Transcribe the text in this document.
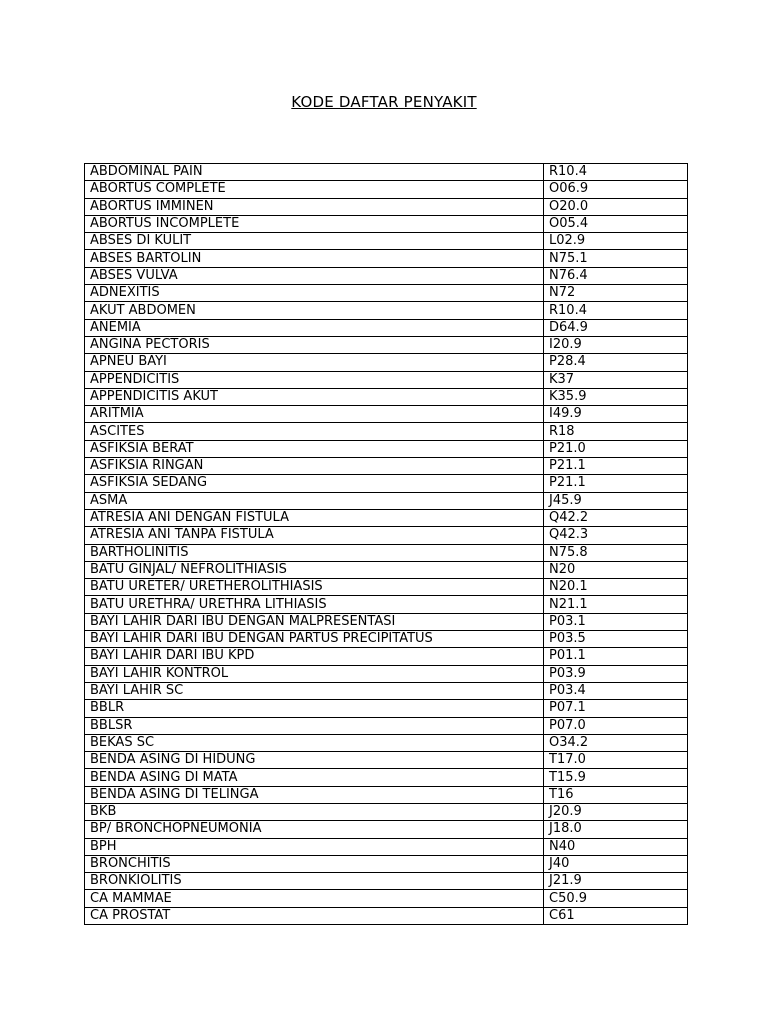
KODE DAFTAR PENYAKIT
ABDOMINAL PAIN	R10.4
ABORTUS COMPLETE	O06.9
ABORTUS IMMINEN	O20.0
ABORTUS INCOMPLETE	O05.4
ABSES DI KULIT	L02.9
ABSES BARTOLIN	N75.1
ABSES VULVA	N76.4
ADNEXITIS	N72
AKUT ABDOMEN	R10.4
ANEMIA	D64.9
ANGINA PECTORIS	I20.9
APNEU BAYI	P28.4
APPENDICITIS	K37
APPENDICITIS AKUT	K35.9
ARITMIA	I49.9
ASCITES	R18
ASFIKSIA BERAT	P21.0
ASFIKSIA RINGAN	P21.1
ASFIKSIA SEDANG	P21.1
ASMA	J45.9
ATRESIA ANI DENGAN FISTULA	Q42.2
ATRESIA ANI TANPA FISTULA	Q42.3
BARTHOLINITIS	N75.8
BATU GINJAL/ NEFROLITHIASIS	N20
BATU URETER/ URETHEROLITHIASIS	N20.1
BATU URETHRA/ URETHRA LITHIASIS	N21.1
BAYI LAHIR DARI IBU DENGAN MALPRESENTASI	P03.1
BAYI LAHIR DARI IBU DENGAN PARTUS PRECIPITATUS	P03.5
BAYI LAHIR DARI IBU KPD	P01.1
BAYI LAHIR KONTROL	P03.9
BAYI LAHIR SC	P03.4
BBLR	P07.1
BBLSR	P07.0
BEKAS SC	O34.2
BENDA ASING DI HIDUNG	T17.0
BENDA ASING DI MATA	T15.9
BENDA ASING DI TELINGA	T16
BKB	J20.9
BP/ BRONCHOPNEUMONIA	J18.0
BPH	N40
BRONCHITIS	J40
BRONKIOLITIS	J21.9
CA MAMMAE	C50.9
CA PROSTAT	C61
